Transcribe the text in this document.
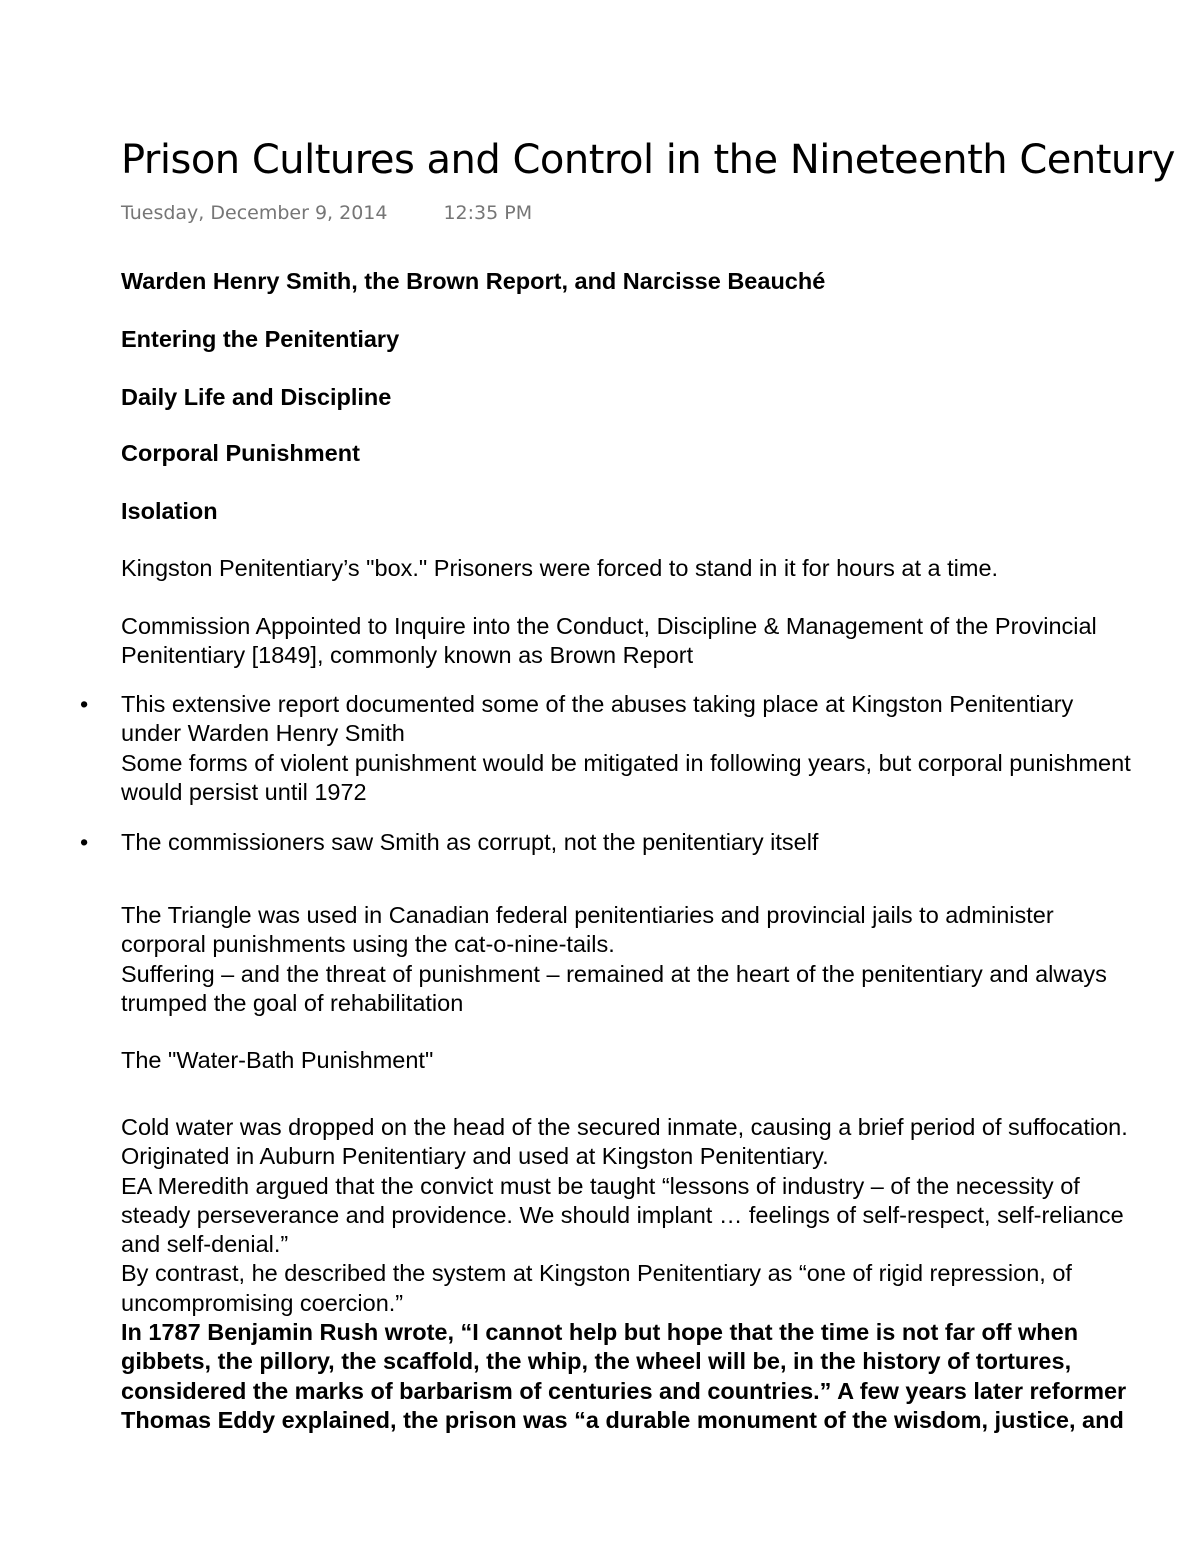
Prison Cultures and Control in the Nineteenth Century
Tuesday, December 9, 2014	12:35 PM
Warden Henry Smith, the Brown Report, and Narcisse Beauché
Entering the Penitentiary
Daily Life and Discipline
Corporal Punishment
Isolation
Kingston Penitentiary’s "box." Prisoners were forced to stand in it for hours at a time.
Commission Appointed to Inquire into the Conduct, Discipline & Management of the Provincial
Penitentiary [1849], commonly known as Brown Report
• This extensive report documented some of the abuses taking place at Kingston Penitentiary
under Warden Henry Smith
Some forms of violent punishment would be mitigated in following years, but corporal punishment
would persist until 1972
• The commissioners saw Smith as corrupt, not the penitentiary itself
The Triangle was used in Canadian federal penitentiaries and provincial jails to administer
corporal punishments using the cat-o-nine-tails.
Suffering – and the threat of punishment – remained at the heart of the penitentiary and always
trumped the goal of rehabilitation
The "Water-Bath Punishment"
Cold water was dropped on the head of the secured inmate, causing a brief period of suffocation.
Originated in Auburn Penitentiary and used at Kingston Penitentiary.
EA Meredith argued that the convict must be taught “lessons of industry – of the necessity of
steady perseverance and providence. We should implant … feelings of self-respect, self-reliance
and self-denial.”
By contrast, he described the system at Kingston Penitentiary as “one of rigid repression, of
uncompromising coercion.”
In 1787 Benjamin Rush wrote, “I cannot help but hope that the time is not far off when
gibbets, the pillory, the scaffold, the whip, the wheel will be, in the history of tortures,
considered the marks of barbarism of centuries and countries.” A few years later reformer
Thomas Eddy explained, the prison was “a durable monument of the wisdom, justice, and
